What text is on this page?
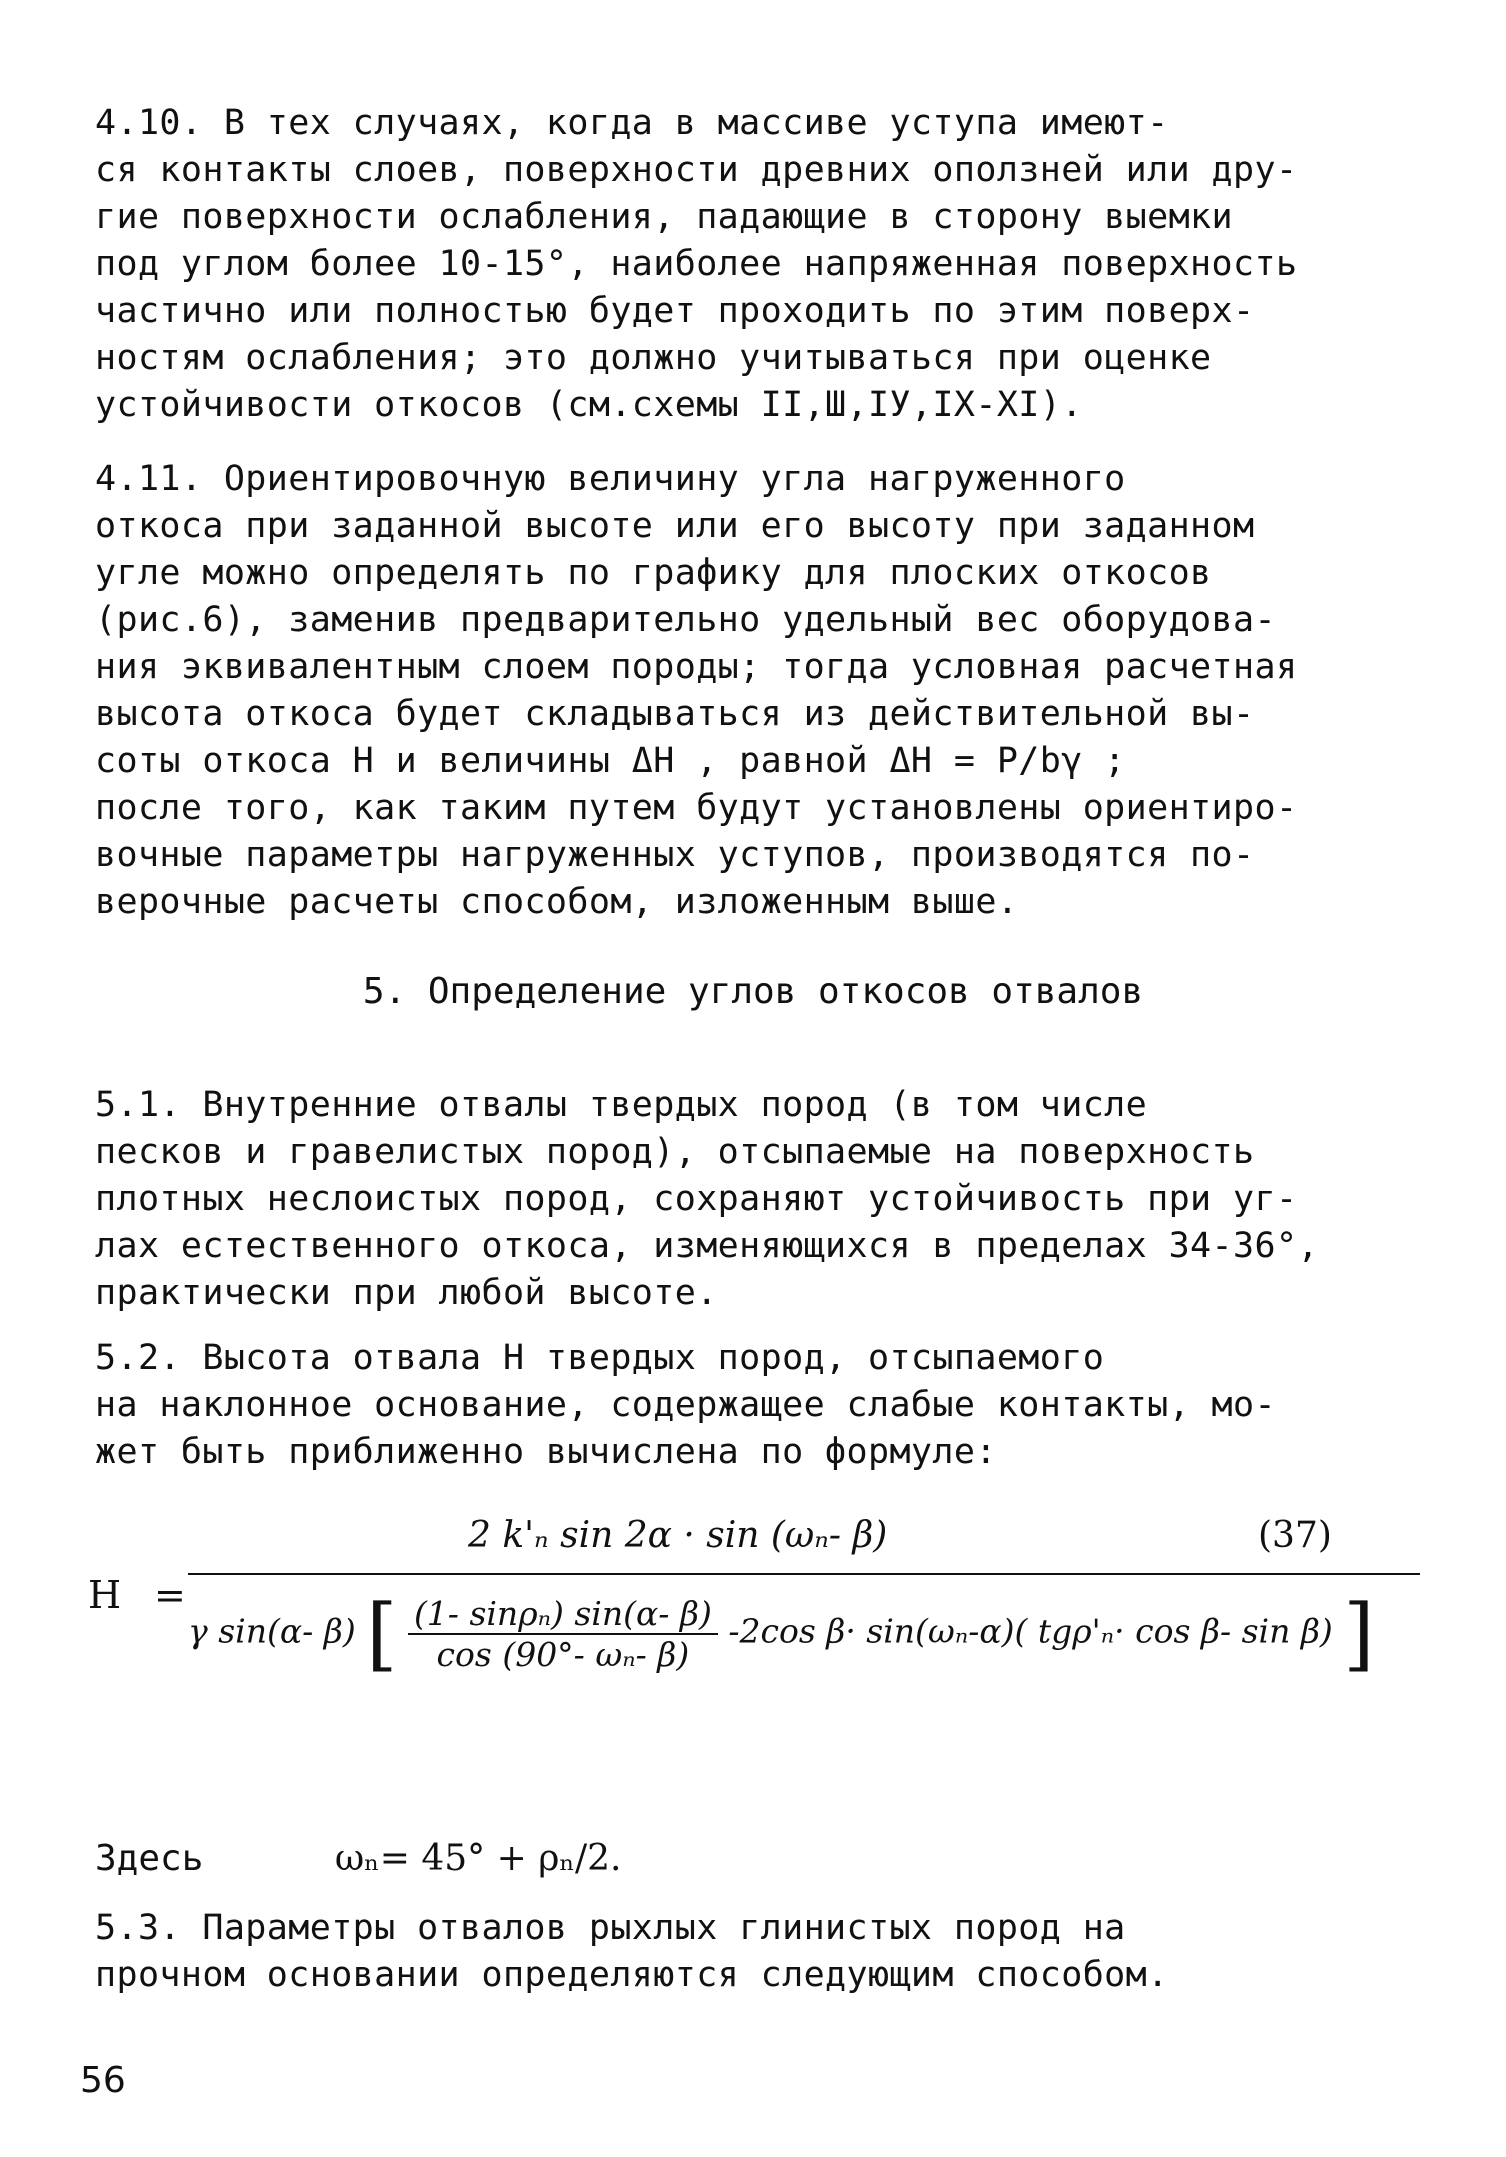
4.10. В тех случаях, когда в массиве уступа имеют-
ся контакты слоев, поверхности древних оползней или дру-
гие поверхности ослабления, падающие в сторону выемки
под углом более 10-15°, наиболее напряженная поверхность
частично или полностью будет проходить по этим поверх-
ностям ослабления; это должно учитываться при оценке
устойчивости откосов (см.схемы II,Ш,IУ,IX-XI).
4.11. Ориентировочную величину угла нагруженного
откоса при заданной высоте или его высоту при заданном
угле можно определять по графику для плоских откосов
(рис.6), заменив предварительно удельный вес оборудова-
ния эквивалентным слоем породы; тогда условная расчетная
высота откоса будет складываться из действительной вы-
соты откоса H и величины ΔH , равной ΔH = P/bγ ;
после того, как таким путем будут установлены ориентиро-
вочные параметры нагруженных уступов, производятся по-
верочные расчеты способом, изложенным выше.
5. Определение углов откосов отвалов
5.1. Внутренние отвалы твердых пород (в том числе
песков и гравелистых пород), отсыпаемые на поверхность
плотных неслоистых пород, сохраняют устойчивость при уг-
лах естественного откоса, изменяющихся в пределах 34-36°,
практически при любой высоте.
5.2. Высота отвала H твердых пород, отсыпаемого
на наклонное основание, содержащее слабые контакты, мо-
жет быть приближенно вычислена по формуле:
H =
2 k'ₙ sin 2α · sin (ωₙ- β)	(37)
γ sin(α- β) [ $\frac{\text{(1- sinρₙ) sin(α- β)}}{\text{cos (90°- ωₙ- β)}} -2\cos$ β· sin(ωₙ-α)( tgρ'ₙ· cos β- sin β) ]
Здесь	ωₙ= 45° + ρₙ/2.
5.3. Параметры отвалов рыхлых глинистых пород на
прочном основании определяются следующим способом.
56
